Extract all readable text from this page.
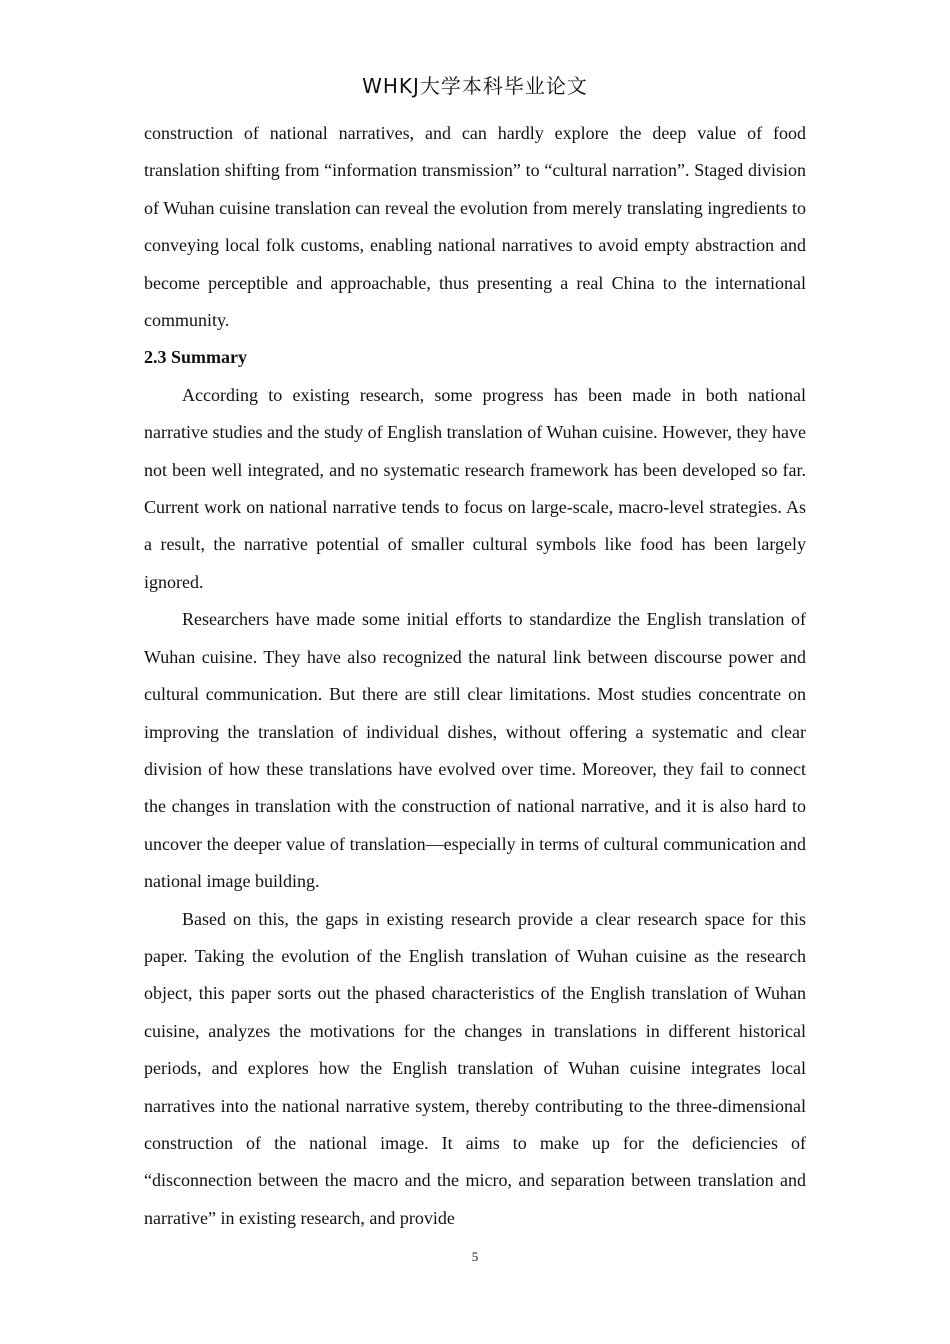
WHKJ大学本科毕业论文

construction of national narratives, and can hardly explore the deep value of food translation shifting from “information transmission” to “cultural narration”. Staged division of Wuhan cuisine translation can reveal the evolution from merely translating ingredients to conveying local folk customs, enabling national narratives to avoid empty abstraction and become perceptible and approachable, thus presenting a real China to the international community.

2.3 Summary

According to existing research, some progress has been made in both national narrative studies and the study of English translation of Wuhan cuisine. However, they have not been well integrated, and no systematic research framework has been developed so far. Current work on national narrative tends to focus on large-scale, macro-level strategies. As a result, the narrative potential of smaller cultural symbols like food has been largely ignored.

Researchers have made some initial efforts to standardize the English translation of Wuhan cuisine. They have also recognized the natural link between discourse power and cultural communication. But there are still clear limitations. Most studies concentrate on improving the translation of individual dishes, without offering a systematic and clear division of how these translations have evolved over time. Moreover, they fail to connect the changes in translation with the construction of national narrative, and it is also hard to uncover the deeper value of translation—especially in terms of cultural communication and national image building.

Based on this, the gaps in existing research provide a clear research space for this paper. Taking the evolution of the English translation of Wuhan cuisine as the research object, this paper sorts out the phased characteristics of the English translation of Wuhan cuisine, analyzes the motivations for the changes in translations in different historical periods, and explores how the English translation of Wuhan cuisine integrates local narratives into the national narrative system, thereby contributing to the three-dimensional construction of the national image. It aims to make up for the deficiencies of “disconnection between the macro and the micro, and separation between translation and narrative” in existing research, and provide

5
